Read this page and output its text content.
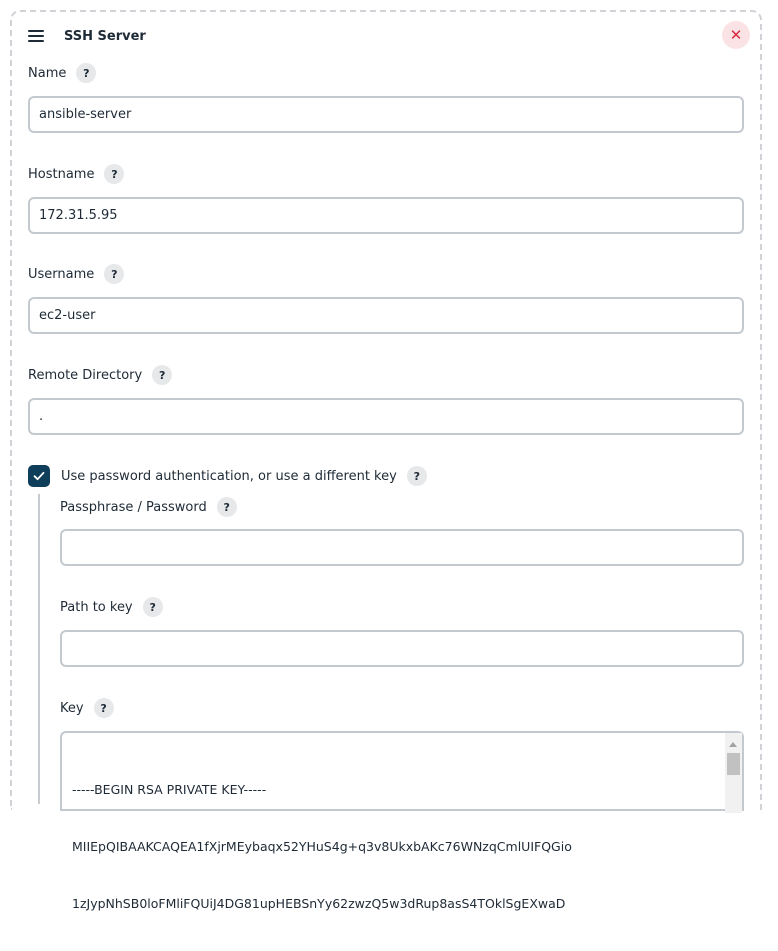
SSH Server	✕
Name	?
ansible-server
Hostname	?
172.31.5.95
Username	?
ec2-user
Remote Directory	?
.
Use password authentication, or use a different key	?
Passphrase / Password	?
Path to key	?
Key	?

-----BEGIN RSA PRIVATE KEY-----

MIIEpQIBAAKCAQEA1fXjrMEybaqx52YHuS4g+q3v8UkxbAKc76WNzqCmlUIFQGio

1zJypNhSB0loFMliFQUiJ4DG81upHEBSnYy62zwzQ5w3dRup8asS4TOklSgEXwaD
